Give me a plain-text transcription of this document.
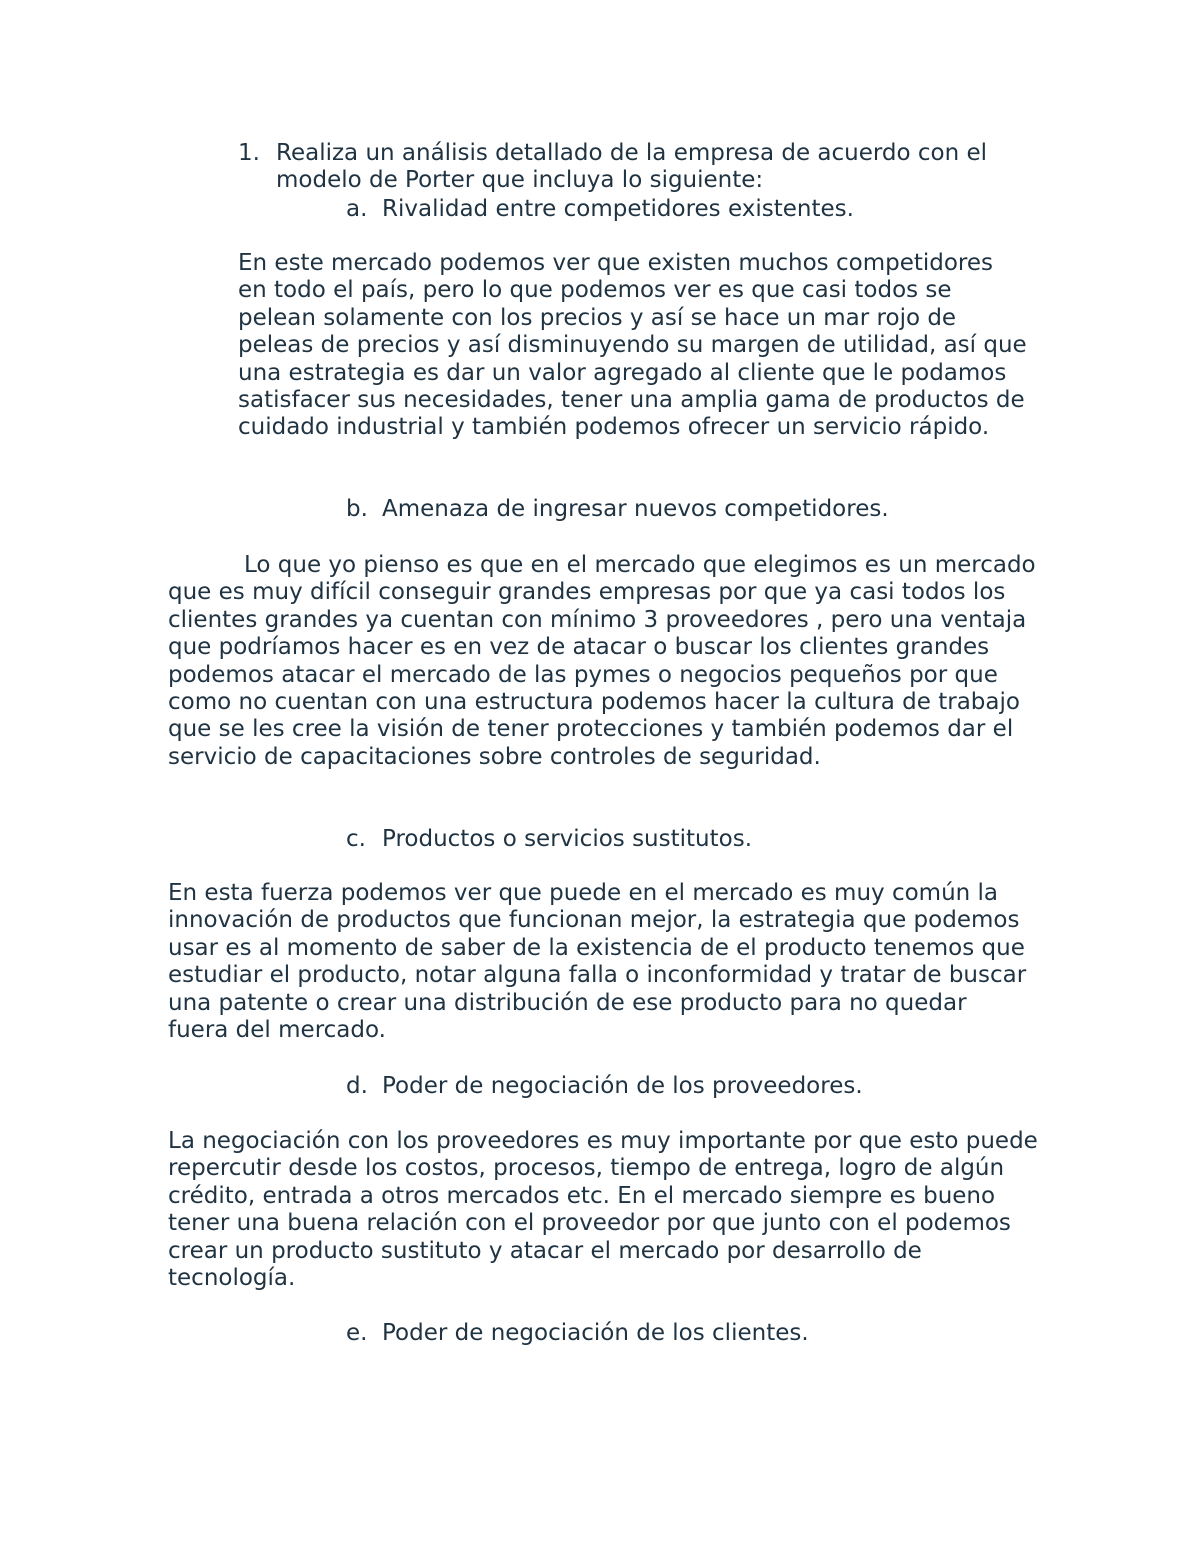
1. Realiza un análisis detallado de la empresa de acuerdo con el
modelo de Porter que incluya lo siguiente:
a. Rivalidad entre competidores existentes.
En este mercado podemos ver que existen muchos competidores en todo el país, pero lo que podemos ver es que casi todos se pelean solamente con los precios y así se hace un mar rojo de peleas de precios y así disminuyendo su margen de utilidad, así que una estrategia es dar un valor agregado al cliente que le podamos satisfacer sus necesidades, tener una amplia gama de productos de cuidado industrial y también podemos ofrecer un servicio rápido.
b. Amenaza de ingresar nuevos competidores.
Lo que yo pienso es que en el mercado que elegimos es un mercado que es muy difícil conseguir grandes empresas por que ya casi todos los clientes grandes ya cuentan con mínimo 3 proveedores , pero una ventaja que podríamos hacer es en vez de atacar o buscar los clientes grandes podemos atacar el mercado de las pymes o negocios pequeños por que como no cuentan con una estructura podemos hacer la cultura de trabajo que se les cree la visión de tener protecciones y también podemos dar el servicio de capacitaciones sobre controles de seguridad.
c. Productos o servicios sustitutos.
En esta fuerza podemos ver que puede en el mercado es muy común la innovación de productos que funcionan mejor, la estrategia que podemos usar es al momento de saber de la existencia de el producto tenemos que estudiar el producto, notar alguna falla o inconformidad y tratar de buscar una patente o crear una distribución de ese producto para no quedar fuera del mercado.
d. Poder de negociación de los proveedores.
La negociación con los proveedores es muy importante por que esto puede repercutir desde los costos, procesos, tiempo de entrega, logro de algún crédito, entrada a otros mercados etc. En el mercado siempre es bueno tener una buena relación con el proveedor por que junto con el podemos crear un producto sustituto y atacar el mercado por desarrollo de tecnología.
e. Poder de negociación de los clientes.
